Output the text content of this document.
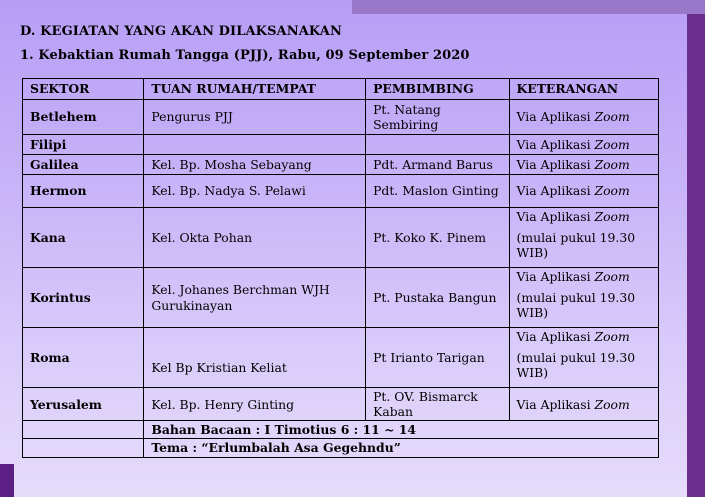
D. KEGIATAN YANG AKAN DILAKSANAKAN
1. Kebaktian Rumah Tangga (PJJ), Rabu, 09 September 2020
SEKTOR	TUAN RUMAH/TEMPAT	PEMBIMBING	KETERANGAN
Betlehem	Pengurus PJJ	Pt. Natang Sembiring	Via Aplikasi Zoom

Filipi			Via Aplikasi Zoom

Galilea	Kel. Bp. Mosha Sebayang	Pdt. Armand Barus	Via Aplikasi Zoom

Hermon	Kel. Bp. Nadya S. Pelawi	Pdt. Maslon Ginting	Via Aplikasi Zoom

Kana	Kel. Okta Pohan	Pt. Koko K. Pinem	Via Aplikasi Zoom
(mulai pukul 19.30 WIB)

Korintus	Kel. Johanes Berchman WJH Gurukinayan	Pt. Pustaka Bangun	Via Aplikasi Zoom
(mulai pukul 19.30 WIB)

Roma	Kel Bp Kristian Keliat	Pt Irianto Tarigan	Via Aplikasi Zoom
(mulai pukul 19.30 WIB)

Yerusalem	Kel. Bp. Henry Ginting	Pt. OV. Bismarck Kaban	Via Aplikasi Zoom

	Bahan Bacaan : I Timotius 6 : 11 ~ 14		
	Tema : “Erlumbalah Asa Gegehndu”		
